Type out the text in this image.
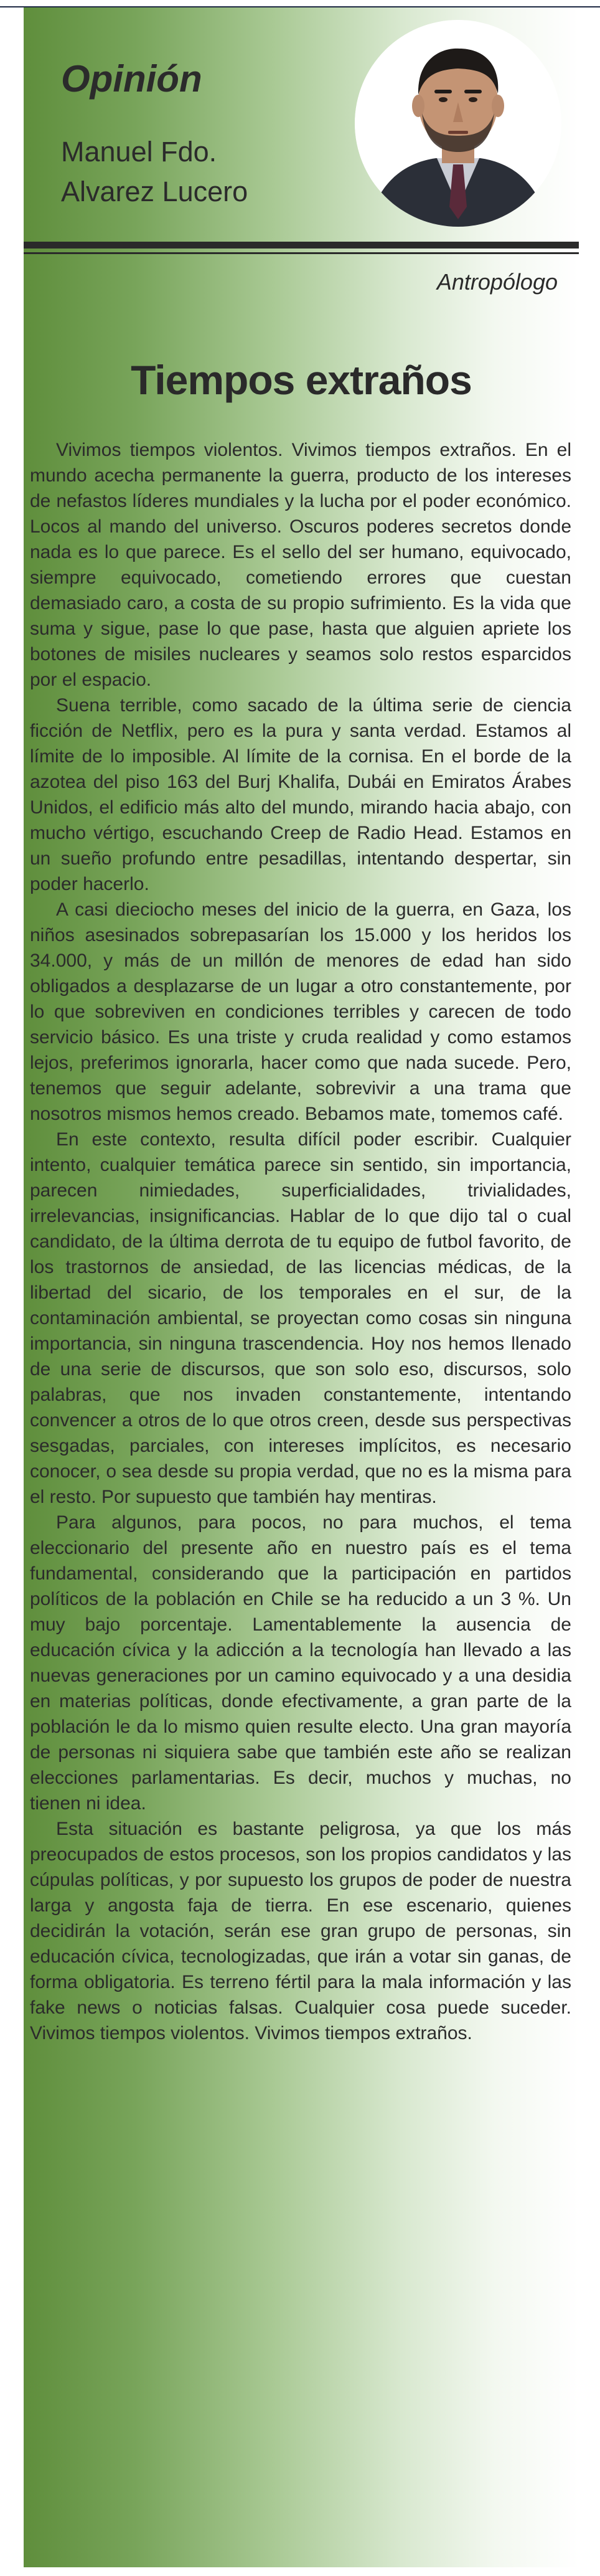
Opinión
Manuel Fdo.
Alvarez Lucero
Antropólogo
Tiempos extraños

Vivimos tiempos violentos. Vivimos tiempos extraños. En el mundo acecha permanente la guerra, producto de los intereses de nefastos líderes mundiales y la lucha por el poder económico. Locos al mando del universo. Oscuros poderes secretos donde nada es lo que parece. Es el sello del ser humano, equivocado, siempre equivocado, cometiendo errores que cuestan demasiado caro, a costa de su propio sufrimiento. Es la vida que suma y sigue, pase lo que pase, hasta que alguien apriete los botones de misiles nucleares y seamos solo restos esparcidos por el espacio.

Suena terrible, como sacado de la última serie de ciencia ficción de Netflix, pero es la pura y santa verdad. Estamos al límite de lo imposible. Al límite de la cornisa. En el borde de la azotea del piso 163 del Burj Khalifa, Dubái en Emiratos Árabes Unidos, el edificio más alto del mundo, mirando hacia abajo, con mucho vértigo, escuchando Creep de Radio Head. Estamos en un sueño profundo entre pesadillas, intentando despertar, sin poder hacerlo.

A casi dieciocho meses del inicio de la guerra, en Gaza, los niños asesinados sobrepasarían los 15.000 y los heridos los 34.000, y más de un millón de menores de edad han sido obligados a desplazarse de un lugar a otro constantemente, por lo que sobreviven en condiciones terribles y carecen de todo servicio básico. Es una triste y cruda realidad y como estamos lejos, preferimos ignorarla, hacer como que nada sucede. Pero, tenemos que seguir adelante, sobrevivir a una trama que nosotros mismos hemos creado. Bebamos mate, tomemos café.

En este contexto, resulta difícil poder escribir. Cualquier intento, cualquier temática parece sin sentido, sin importancia, parecen nimiedades, superficialidades, trivialidades, irrelevancias, insignificancias. Hablar de lo que dijo tal o cual candidato, de la última derrota de tu equipo de futbol favorito, de los trastornos de ansiedad, de las licencias médicas, de la libertad del sicario, de los temporales en el sur, de la contaminación ambiental, se proyectan como cosas sin ninguna importancia, sin ninguna trascendencia. Hoy nos hemos llenado de una serie de discursos, que son solo eso, discursos, solo palabras, que nos invaden constantemente, intentando convencer a otros de lo que otros creen, desde sus perspectivas sesgadas, parciales, con intereses implícitos, es necesario conocer, o sea desde su propia verdad, que no es la misma para el resto. Por supuesto que también hay mentiras.

Para algunos, para pocos, no para muchos, el tema eleccionario del presente año en nuestro país es el tema fundamental, considerando que la participación en partidos políticos de la población en Chile se ha reducido a un 3 %. Un muy bajo porcentaje. Lamentablemente la ausencia de educación cívica y la adicción a la tecnología han llevado a las nuevas generaciones por un camino equivocado y a una desidia en materias políticas, donde efectivamente, a gran parte de la población le da lo mismo quien resulte electo. Una gran mayoría de personas ni siquiera sabe que también este año se realizan elecciones parlamentarias. Es decir, muchos y muchas, no tienen ni idea.

Esta situación es bastante peligrosa, ya que los más preocupados de estos procesos, son los propios candidatos y las cúpulas políticas, y por supuesto los grupos de poder de nuestra larga y angosta faja de tierra. En ese escenario, quienes decidirán la votación, serán ese gran grupo de personas, sin educación cívica, tecnologizadas, que irán a votar sin ganas, de forma obligatoria. Es terreno fértil para la mala información y las fake news o noticias falsas. Cualquier cosa puede suceder. Vivimos tiempos violentos. Vivimos tiempos extraños.
